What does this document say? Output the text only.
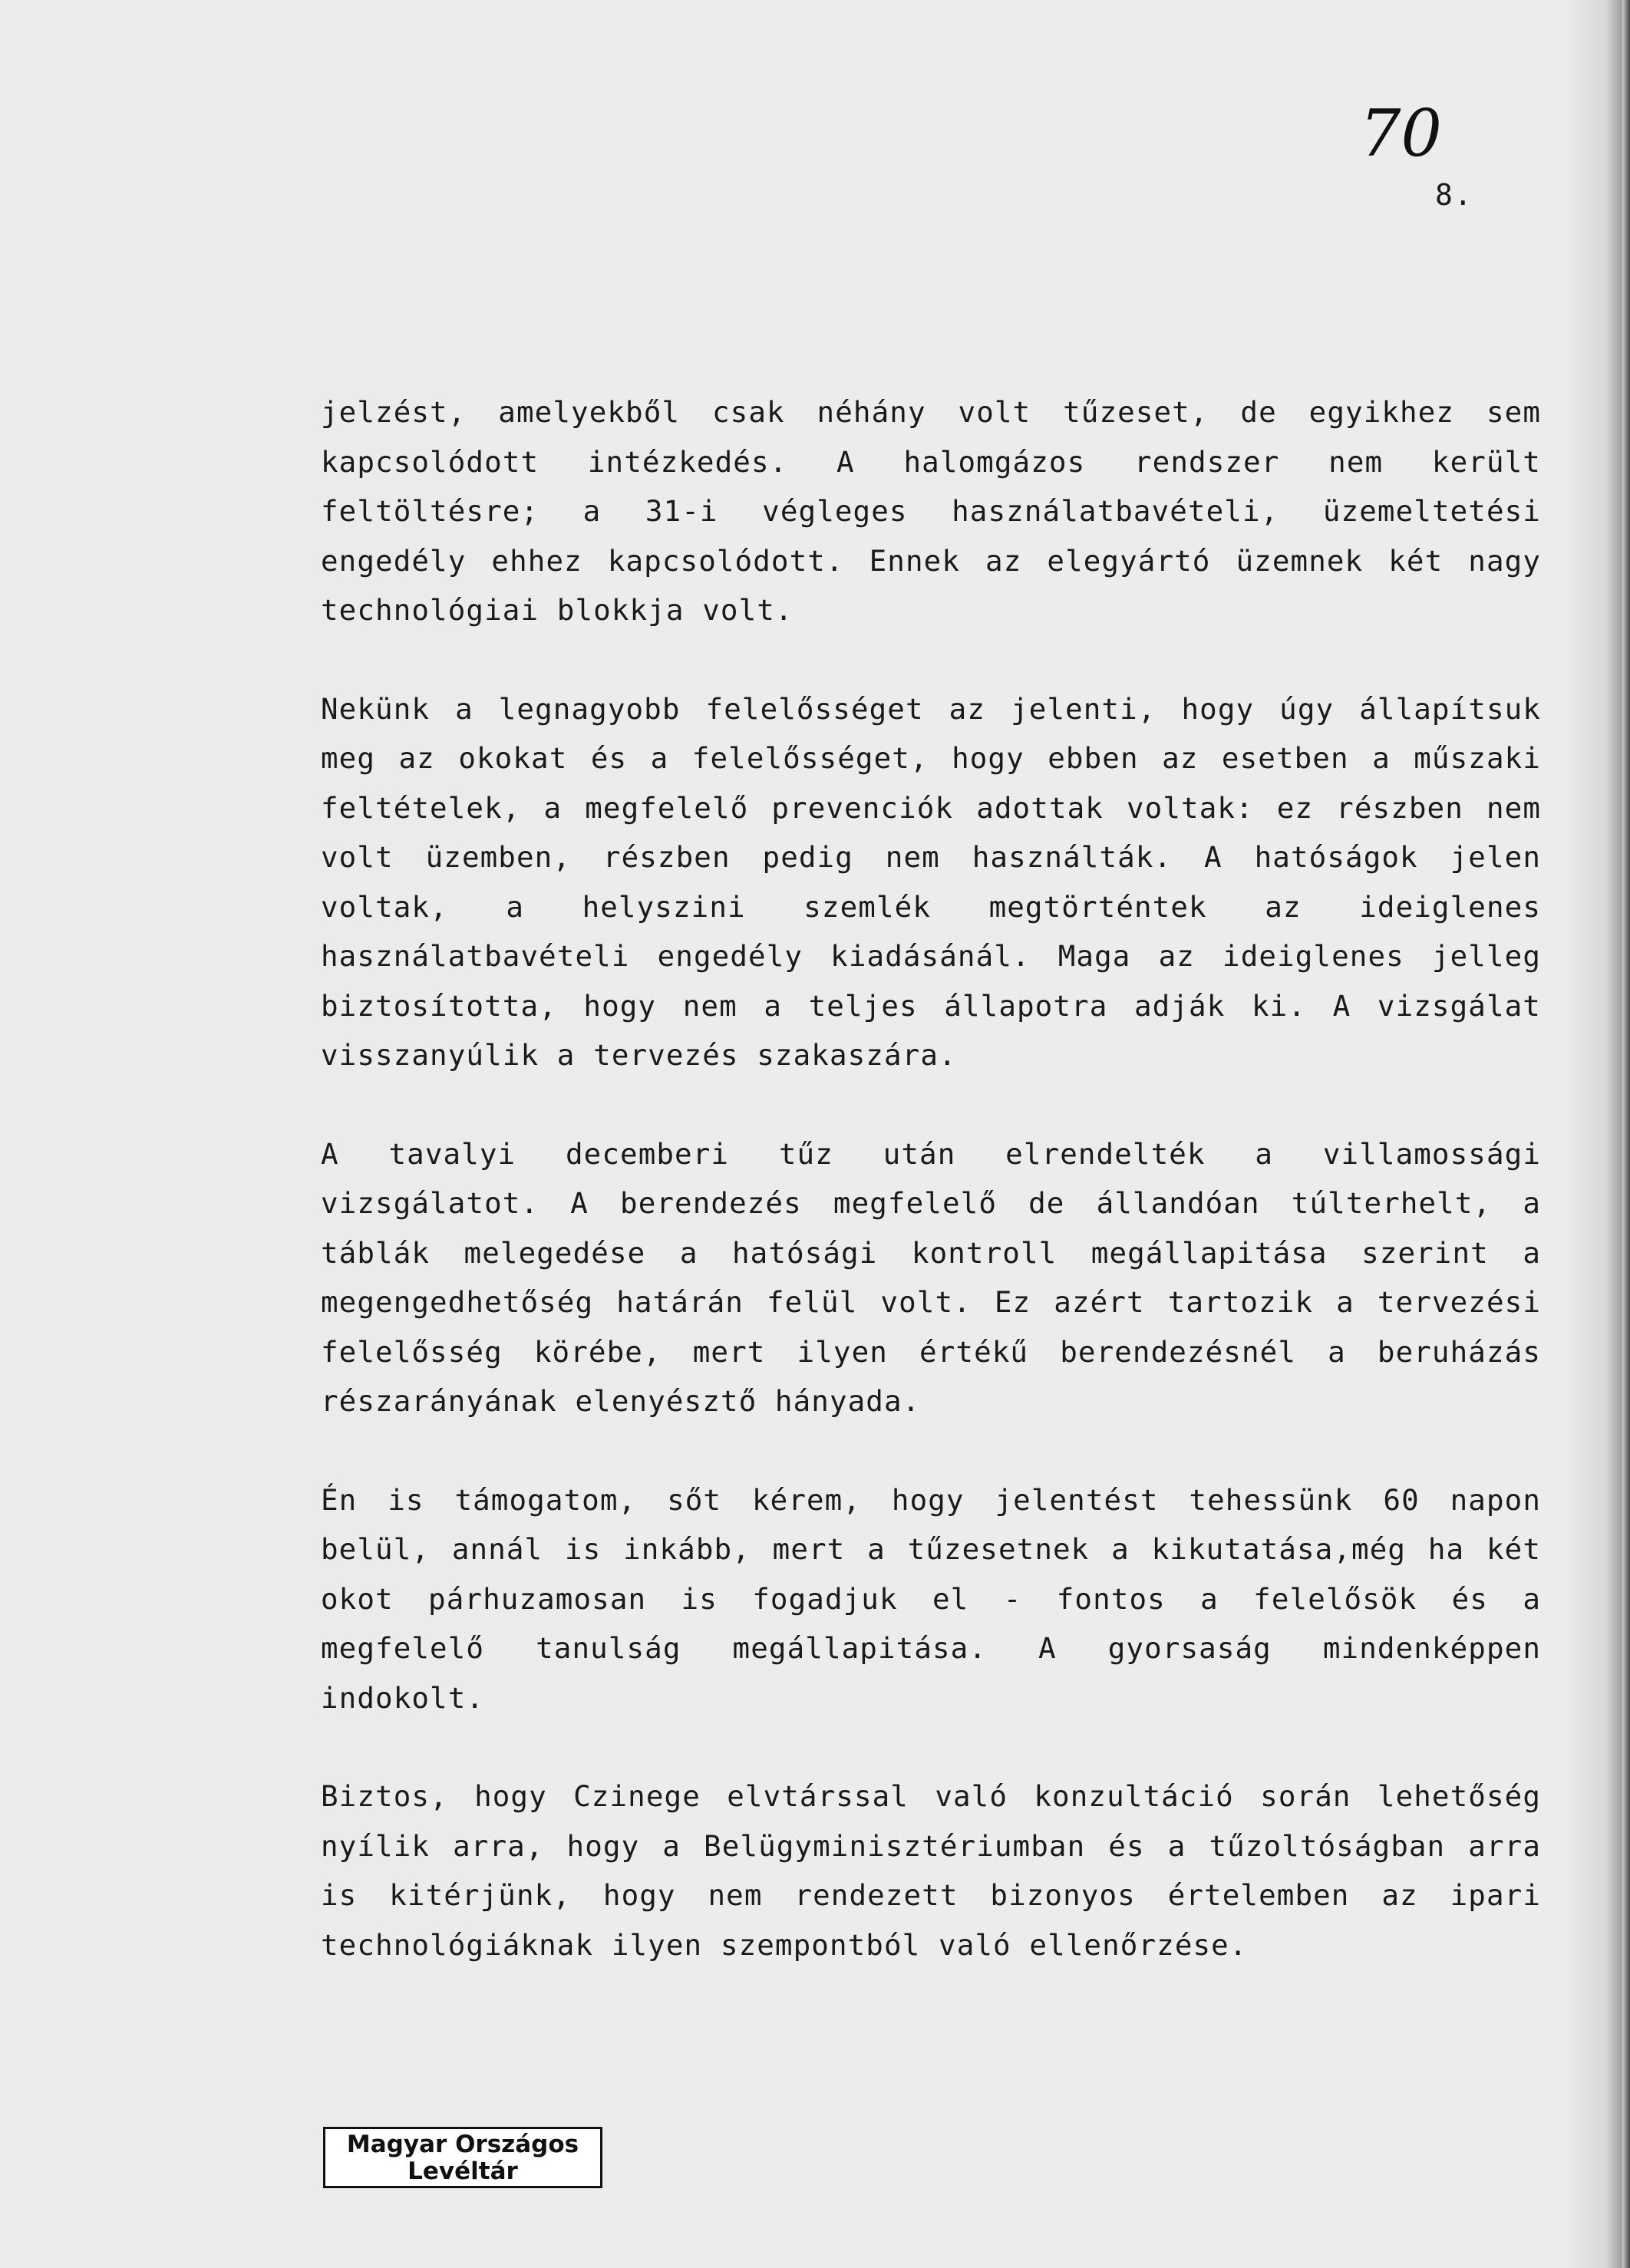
70
8.

jelzést, amelyekből csak néhány volt tűzeset, de egyikhez sem kapcsolódott intézkedés. A halomgázos rendszer nem került feltöltésre; a 31-i végleges használatbavételi, üzemeltetési engedély ehhez kapcsolódott. Ennek az elegyártó üzemnek két nagy technológiai blokkja volt.

Nekünk a legnagyobb felelősséget az jelenti, hogy úgy állapítsuk meg az okokat és a felelősséget, hogy ebben az esetben a műszaki feltételek, a megfelelő prevenciók adottak voltak: ez részben nem volt üzemben, részben pedig nem használták. A hatóságok jelen voltak, a helyszini szemlék megtörténtek az ideiglenes használatbavételi engedély kiadásánál. Maga az ideiglenes jelleg biztosította, hogy nem a teljes állapotra adják ki. A vizsgálat visszanyúlik a tervezés szakaszára.

A tavalyi decemberi tűz után elrendelték a villamossági vizsgálatot. A berendezés megfelelő de állandóan túlterhelt, a táblák melegedése a hatósági kontroll megállapitása szerint a megengedhetőség határán felül volt. Ez azért tartozik a tervezési felelősség körébe, mert ilyen értékű berendezésnél a beruházás részarányának elenyésztő hányada.

Én is támogatom, sőt kérem, hogy jelentést tehessünk 60 napon belül, annál is inkább, mert a tűzesetnek a kikutatása,még ha két okot párhuzamosan is fogadjuk el - fontos a felelősök és a megfelelő tanulság megállapitása. A gyorsaság mindenképpen indokolt.

Biztos, hogy Czinege elvtárssal való konzultáció során lehetőség nyílik arra, hogy a Belügyminisztériumban és a tűzoltóságban arra is kitérjünk, hogy nem rendezett bizonyos értelemben az ipari technológiáknak ilyen szempontból való ellenőrzése.

Magyar Országos
Levéltár
